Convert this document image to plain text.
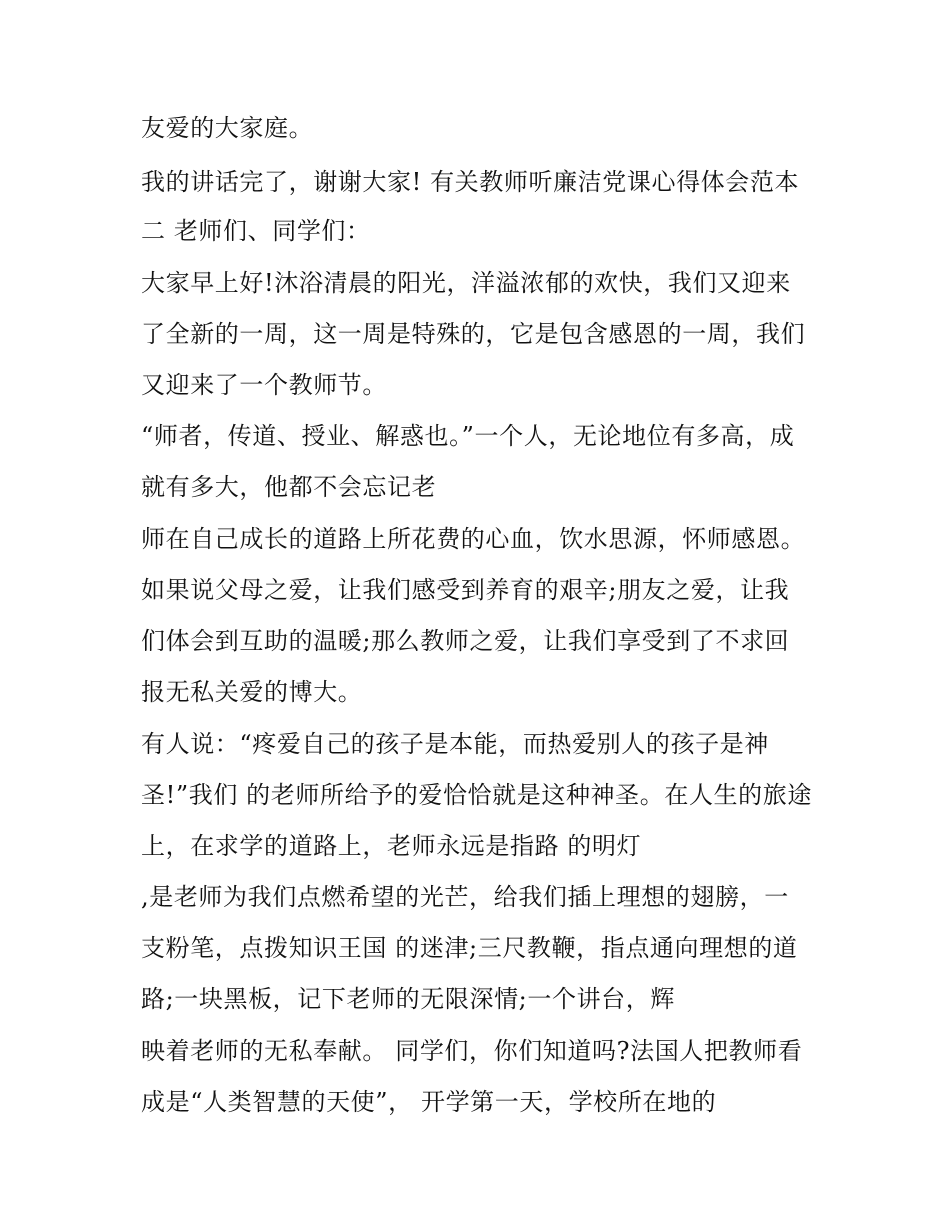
友爱的大家庭。

我的讲话完了，谢谢大家! 有关教师听廉洁党课心得体会范本

二 老师们、同学们：

大家早上好!沐浴清晨的阳光，洋溢浓郁的欢快，我们又迎来

了全新的一周，这一周是特殊的，它是包含感恩的一周，我们

又迎来了一个教师节。

“师者，传道、授业、解惑也。”一个人，无论地位有多高，成

就有多大，他都不会忘记老

师在自己成长的道路上所花费的心血，饮水思源，怀师感恩。

如果说父母之爱，让我们感受到养育的艰辛;朋友之爱，让我

们体会到互助的温暖;那么教师之爱，让我们享受到了不求回

报无私关爱的博大。

有人说：“疼爱自己的孩子是本能，而热爱别人的孩子是神

圣!”我们 的老师所给予的爱恰恰就是这种神圣。在人生的旅途

上，在求学的道路上，老师永远是指路 的明灯

,是老师为我们点燃希望的光芒，给我们插上理想的翅膀，一

支粉笔，点拨知识王国 的迷津;三尺教鞭，指点通向理想的道

路;一块黑板，记下老师的无限深情;一个讲台，辉

映着老师的无私奉献。 同学们，你们知道吗?法国人把教师看

成是“人类智慧的天使”， 开学第一天，学校所在地的
